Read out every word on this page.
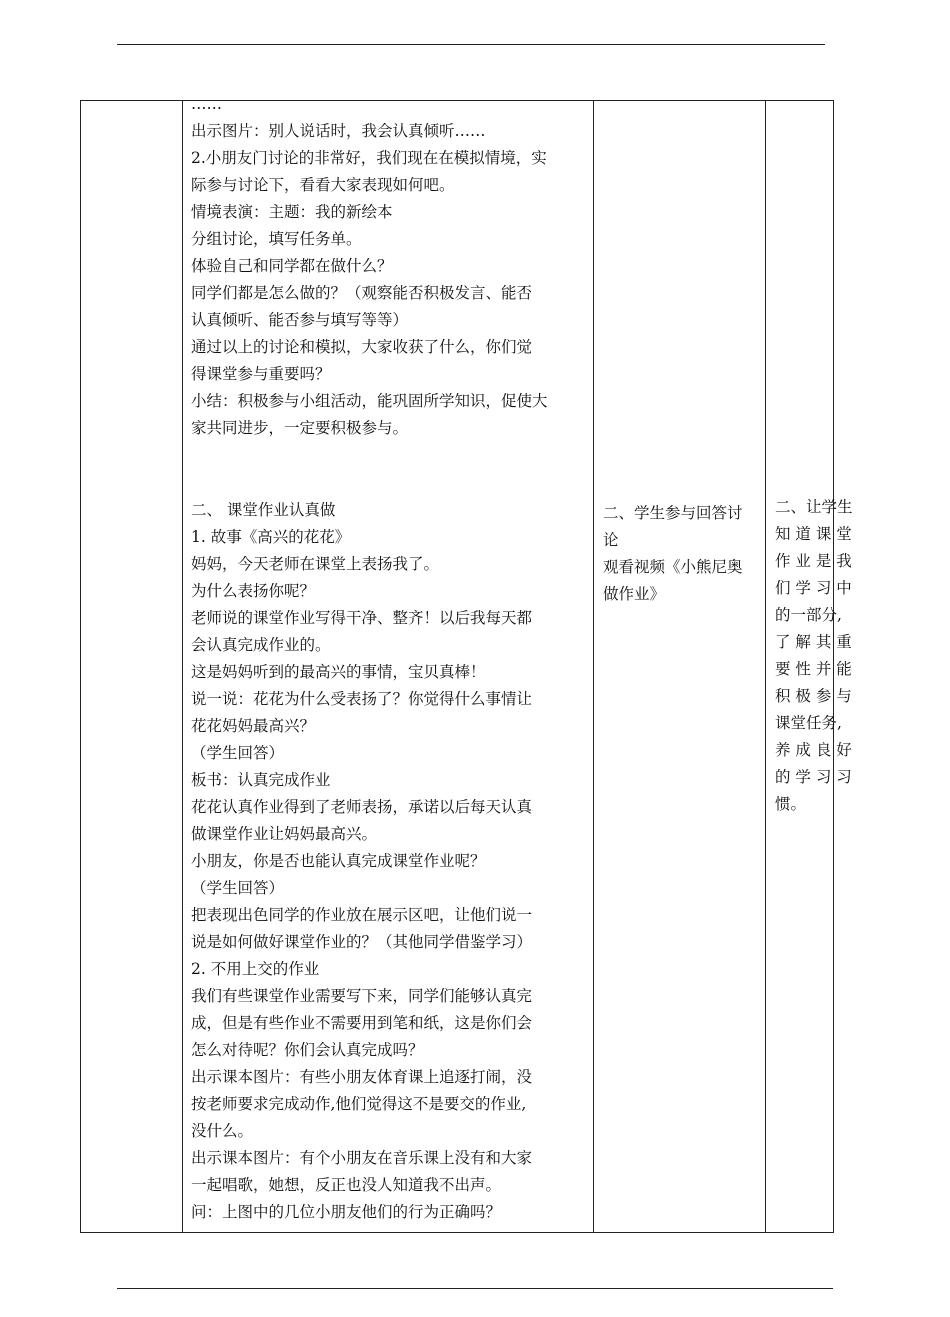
……

出示图片：别人说话时，我会认真倾听……

2.小朋友门讨论的非常好，我们现在在模拟情境，实

际参与讨论下，看看大家表现如何吧。

情境表演：主题：我的新绘本

分组讨论，填写任务单。

体验自己和同学都在做什么？

同学们都是怎么做的？（观察能否积极发言、能否

认真倾听、能否参与填写等等）

通过以上的讨论和模拟，大家收获了什么，你们觉

得课堂参与重要吗？

小结：积极参与小组活动，能巩固所学知识，促使大

家共同进步，一定要积极参与。

二、 课堂作业认真做

1. 故事《高兴的花花》

妈妈，今天老师在课堂上表扬我了。

为什么表扬你呢？

老师说的课堂作业写得干净、整齐！以后我每天都

会认真完成作业的。

这是妈妈听到的最高兴的事情，宝贝真棒！

说一说：花花为什么受表扬了？你觉得什么事情让

花花妈妈最高兴？

（学生回答）

板书：认真完成作业

花花认真作业得到了老师表扬，承诺以后每天认真

做课堂作业让妈妈最高兴。

小朋友，你是否也能认真完成课堂作业呢？

（学生回答）

把表现出色同学的作业放在展示区吧，让他们说一

说是如何做好课堂作业的？（其他同学借鉴学习）

2. 不用上交的作业

我们有些课堂作业需要写下来，同学们能够认真完

成，但是有些作业不需要用到笔和纸，这是你们会

怎么对待呢？你们会认真完成吗？

出示课本图片：有些小朋友体育课上追逐打闹，没

按老师要求完成动作,他们觉得这不是要交的作业,

没什么。

出示课本图片：有个小朋友在音乐课上没有和大家

一起唱歌，她想，反正也没人知道我不出声。

问：上图中的几位小朋友他们的行为正确吗？

二、学生参与回答讨

论

观看视频《小熊尼奥

做作业》

二、让学生

知 道 课 堂

作 业 是 我

们 学 习 中

的一部分,

了 解 其 重

要 性 并 能

积 极 参 与

课堂任务,

养 成 良 好

的 学 习 习

惯。
